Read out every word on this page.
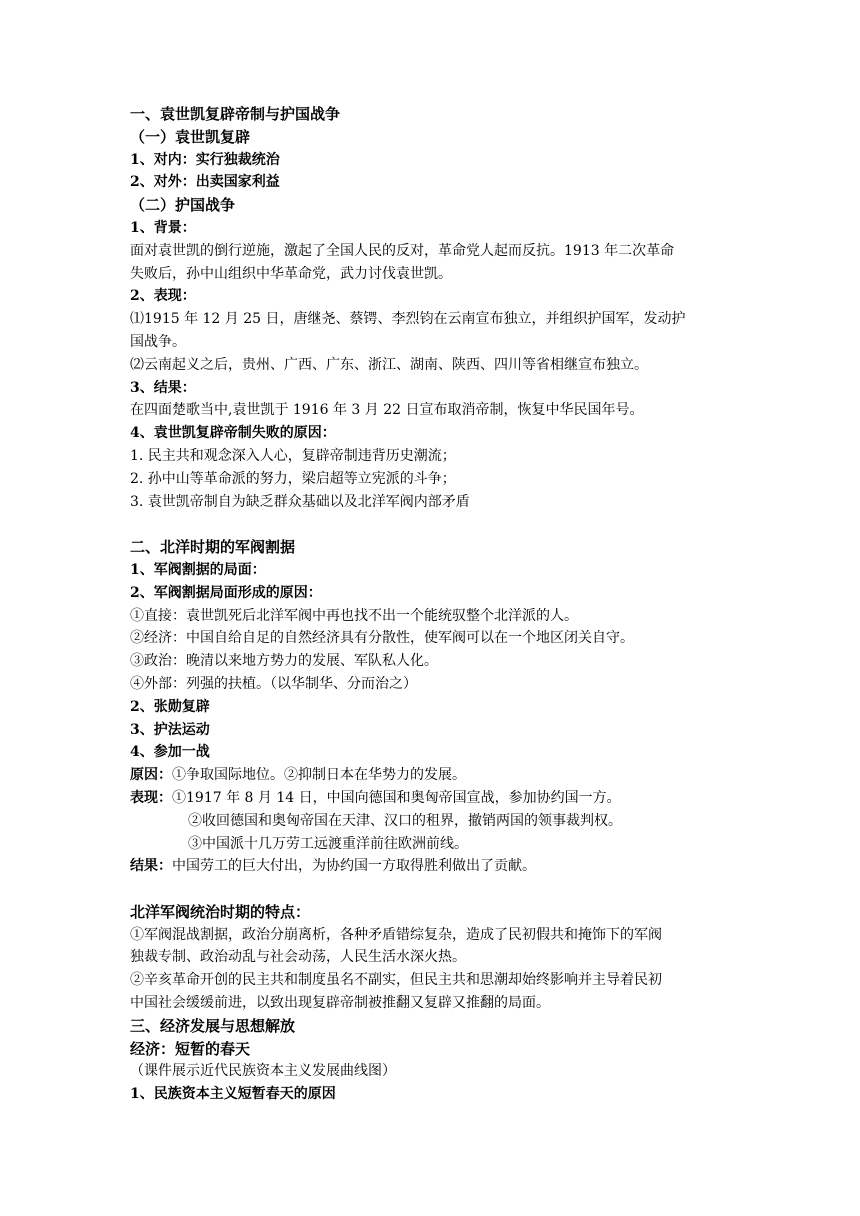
一、袁世凯复辟帝制与护国战争
（一）袁世凯复辟
1、对内：实行独裁统治
2、对外：出卖国家利益
（二）护国战争
1、背景：
面对袁世凯的倒行逆施，激起了全国人民的反对，革命党人起而反抗。1913 年二次革命
失败后，孙中山组织中华革命党，武力讨伐袁世凯。
2、表现：
⑴1915 年 12 月 25 日，唐继尧、蔡锷、李烈钧在云南宣布独立，并组织护国军，发动护
国战争。
⑵云南起义之后，贵州、广西、广东、浙江、湖南、陕西、四川等省相继宣布独立。
3、结果：
在四面楚歌当中,袁世凯于 1916 年 3 月 22 日宣布取消帝制，恢复中华民国年号。
4、袁世凯复辟帝制失败的原因：
1. 民主共和观念深入人心，复辟帝制违背历史潮流；
2. 孙中山等革命派的努力，梁启超等立宪派的斗争；
3. 袁世凯帝制自为缺乏群众基础以及北洋军阀内部矛盾
二、北洋时期的军阀割据
1、军阀割据的局面：
2、军阀割据局面形成的原因：
①直接：袁世凯死后北洋军阀中再也找不出一个能统驭整个北洋派的人。
②经济：中国自给自足的自然经济具有分散性，使军阀可以在一个地区闭关自守。
③政治：晚清以来地方势力的发展、军队私人化。
④外部：列强的扶植。（以华制华、分而治之）
2、张勋复辟
3、护法运动
4、参加一战
原因：①争取国际地位。②抑制日本在华势力的发展。
表现：①1917 年 8 月 14 日，中国向德国和奥匈帝国宣战，参加协约国一方。
②收回德国和奥匈帝国在天津、汉口的租界，撤销两国的领事裁判权。
③中国派十几万劳工远渡重洋前往欧洲前线。
结果：中国劳工的巨大付出，为协约国一方取得胜利做出了贡献。
北洋军阀统治时期的特点：
①军阀混战割据，政治分崩离析，各种矛盾错综复杂，造成了民初假共和掩饰下的军阀
独裁专制、政治动乱与社会动荡，人民生活水深火热。
②辛亥革命开创的民主共和制度虽名不副实，但民主共和思潮却始终影响并主导着民初
中国社会缓缓前进，以致出现复辟帝制被推翻又复辟又推翻的局面。
三、经济发展与思想解放
经济：短暂的春天
（课件展示近代民族资本主义发展曲线图）
1、民族资本主义短暂春天的原因
